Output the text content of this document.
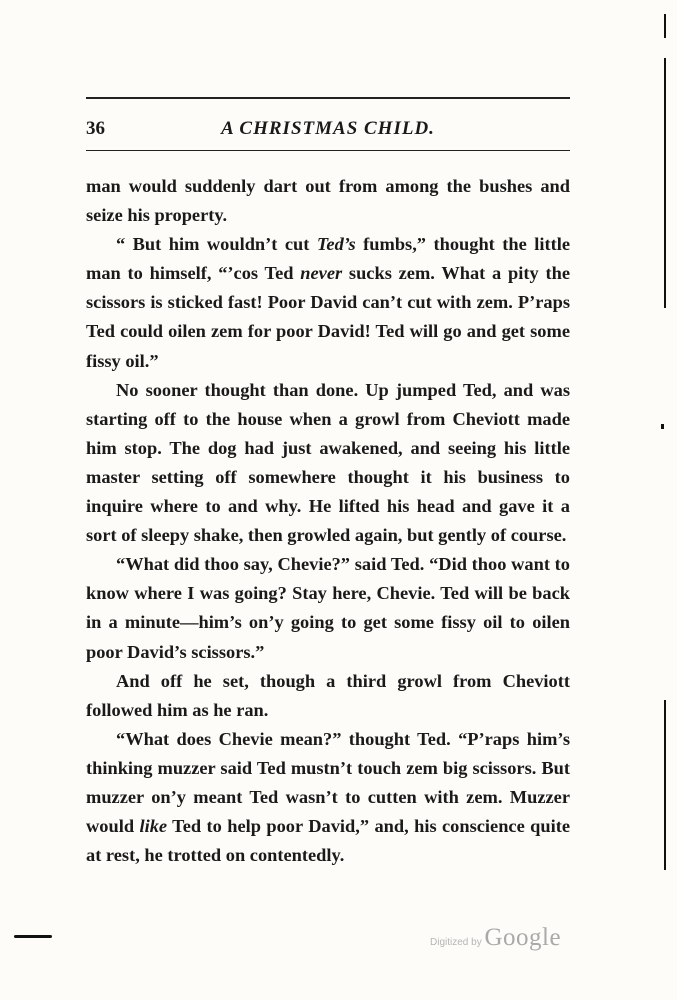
36	A CHRISTMAS CHILD.

man would suddenly dart out from among the bushes and seize his property.

“ But him wouldn’t cut Ted’s fumbs,” thought the little man to himself, “’cos Ted never sucks zem. What a pity the scissors is sticked fast! Poor David can’t cut with zem. P’raps Ted could oilen zem for poor David! Ted will go and get some fissy oil.”

No sooner thought than done. Up jumped Ted, and was starting off to the house when a growl from Cheviott made him stop. The dog had just awakened, and seeing his little master setting off somewhere thought it his business to inquire where to and why. He lifted his head and gave it a sort of sleepy shake, then growled again, but gently of course.

“What did thoo say, Chevie?” said Ted. “Did thoo want to know where I was going? Stay here, Chevie. Ted will be back in a minute—him’s on’y going to get some fissy oil to oilen poor David’s scissors.”

And off he set, though a third growl from Cheviott followed him as he ran.

“What does Chevie mean?” thought Ted. “P’raps him’s thinking muzzer said Ted mustn’t touch zem big scissors. But muzzer on’y meant Ted wasn’t to cutten with zem. Muzzer would like Ted to help poor David,” and, his conscience quite at rest, he trotted on contentedly.

Digitized by Google
